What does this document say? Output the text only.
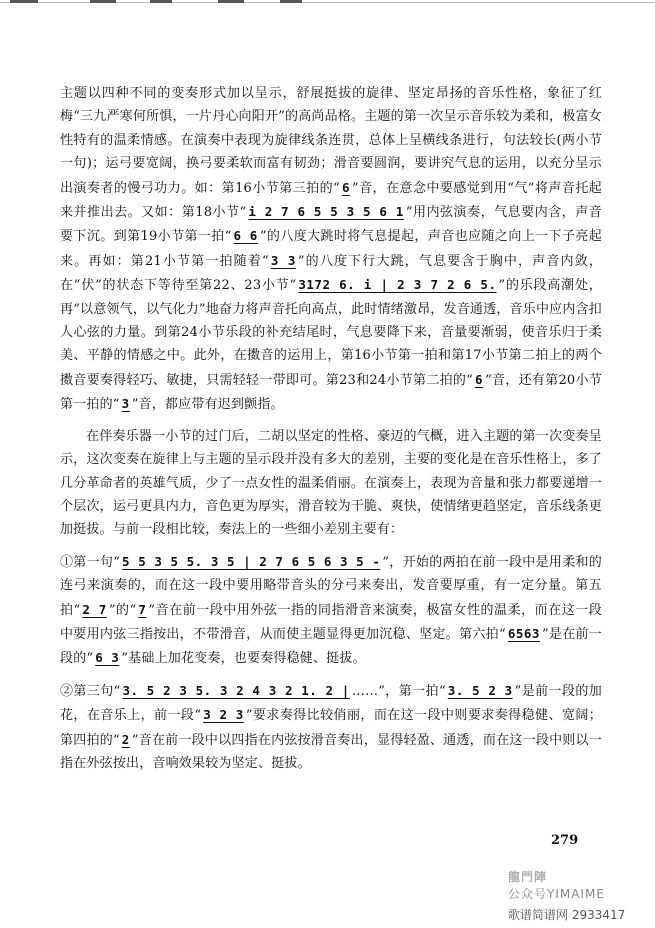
主题以四种不同的变奏形式加以呈示，舒展挺拔的旋律、坚定昂扬的音乐性格，象征了红梅“三九严寒何所惧，一片丹心向阳开”的高尚品格。主题的第一次呈示音乐较为柔和，极富女性特有的温柔情感。在演奏中表现为旋律线条连贯，总体上呈横线条进行，句法较长(两小节一句)；运弓要宽阔，换弓要柔软而富有韧劲；滑音要圆润，要讲究气息的运用，以充分呈示出演奏者的慢弓功力。如：第16小节第三拍的“ 6 ”音，在意念中要感觉到用“气”将声音托起来并推出去。又如：第18小节“ i 2 7 6 5 5 3 5 6 1 ”用内弦演奏，气息要内含，声音要下沉。到第19小节第一拍“ 6 6 ”的八度大跳时将气息提起，声音也应随之向上一下子亮起来。再如：第21小节第一拍随着“ 3 3 ”的八度下行大跳，气息要含于胸中，声音内敛，在“伏”的状态下等待至第22、23小节“ 3172 6. i | 2 3 7 2 6 5. ”的乐段高潮处，再“以意领气，以气化力”地奋力将声音托向高点，此时情绪激昂，发音通透，音乐中应内含扣人心弦的力量。到第24小节乐段的补充结尾时，气息要降下来，音量要渐弱，使音乐归于柔美、平静的情感之中。此外，在擞音的运用上，第16小节第一拍和第17小节第二拍上的两个擞音要奏得轻巧、敏捷，只需轻轻一带即可。第23和24小节第二拍的“ 6 ”音，还有第20小节第一拍的“ 3 ”音，都应带有迟到颤指。

在伴奏乐器一小节的过门后，二胡以坚定的性格、豪迈的气概，进入主题的第一次变奏呈示，这次变奏在旋律上与主题的呈示段并没有多大的差别，主要的变化是在音乐性格上，多了几分革命者的英雄气质，少了一点女性的温柔俏丽。在演奏上，表现为音量和张力都要递增一个层次，运弓更具内力，音色更为厚实，滑音较为干脆、爽快，使情绪更趋坚定，音乐线条更加挺拔。与前一段相比较，奏法上的一些细小差别主要有：

①第一句“ 5 5 3 5 5. 3 5 | 2 7 6 5 6 3 5 - ”，开始的两拍在前一段中是用柔和的连弓来演奏的，而在这一段中要用略带音头的分弓来奏出，发音要厚重，有一定分量。第五拍“ 2 7 ”的“ 7 ”音在前一段中用外弦一指的同指滑音来演奏，极富女性的温柔，而在这一段中要用内弦三指按出，不带滑音，从而使主题显得更加沉稳、坚定。第六拍“ 6563 ”是在前一段的“ 6 3 ”基础上加花变奏，也要奏得稳健、挺拔。

②第三句“ 3. 5 2 3 5. 3 2 4 3 2 1. 2 | ……”，第一拍“ 3. 5 2 3 ”是前一段的加花，在音乐上，前一段“ 3 2 3 ”要求奏得比较俏丽，而在这一段中则要求奏得稳健、宽阔；第四拍的“ 2 ”音在前一段中以四指在内弦按滑音奏出，显得轻盈、通透，而在这一段中则以一指在外弦按出，音响效果较为坚定、挺拔。

279
龍門陣
公众号YIMAIME
歌谱简谱网 2933417
